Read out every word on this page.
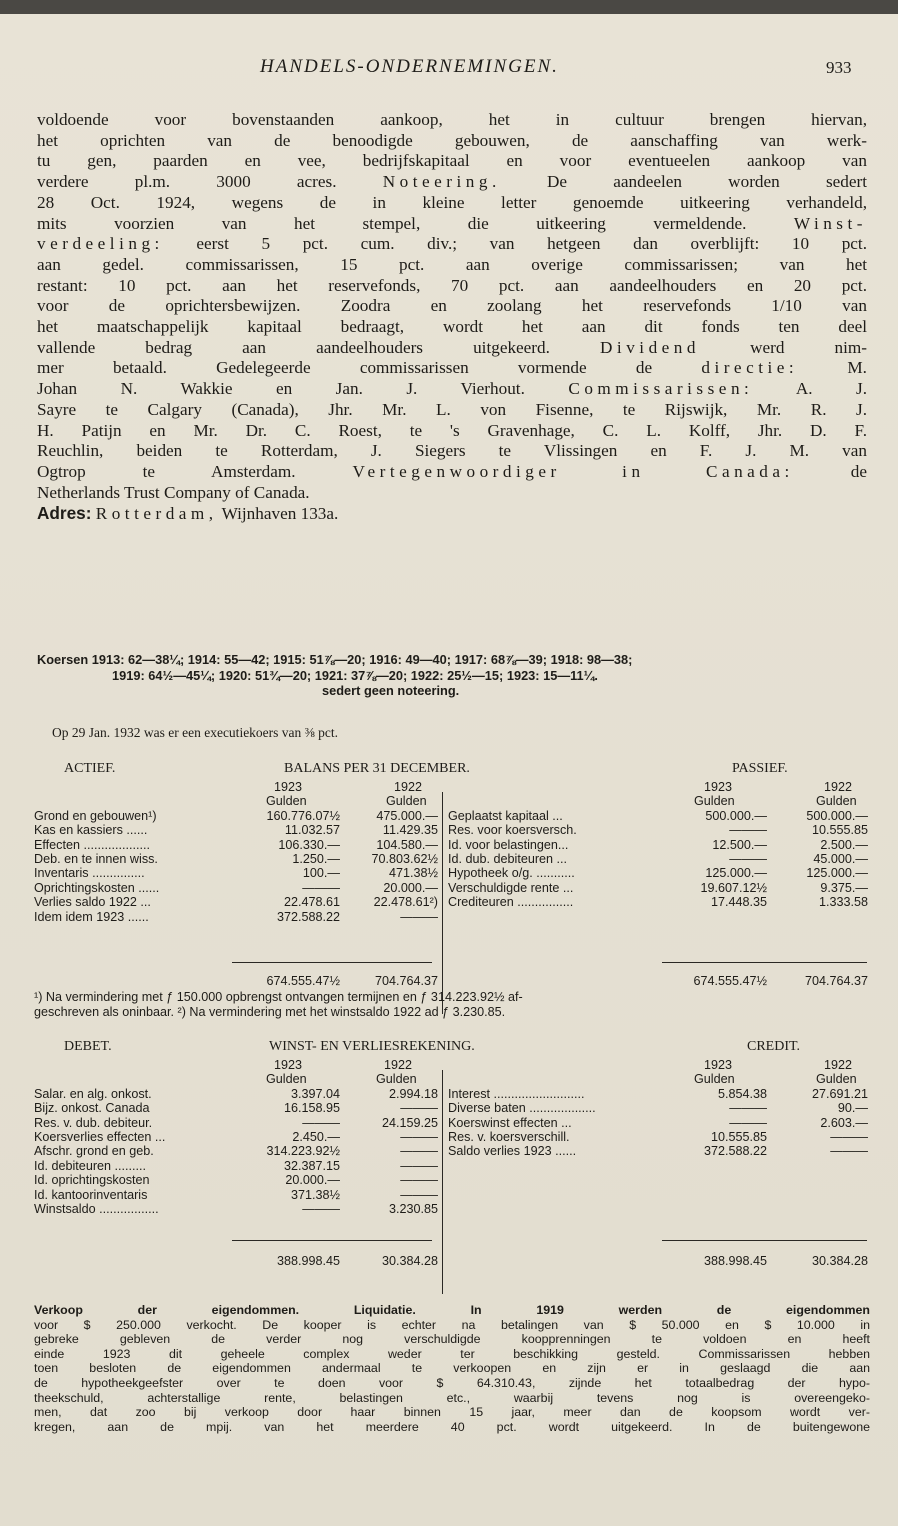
HANDELS-ONDERNEMINGEN.	933
voldoende voor bovenstaanden aankoop, het in cultuur brengen hiervan,
het oprichten van de benoodigde gebouwen, de aanschaffing van werk-
tu gen, paarden en vee, bedrijfskapitaal en voor eventueelen aankoop van
verdere pl.m. 3000 acres. Noteering. De aandeelen worden sedert
28 Oct. 1924, wegens de in kleine letter genoemde uitkeering verhandeld,
mits voorzien van het stempel, die uitkeering vermeldende. Winst-
verdeeling: eerst 5 pct. cum. div.; van hetgeen dan overblijft: 10 pct.
aan gedel. commissarissen, 15 pct. aan overige commissarissen; van het
restant: 10 pct. aan het reservefonds, 70 pct. aan aandeelhouders en 20 pct.
voor de oprichtersbewijzen. Zoodra en zoolang het reservefonds 1/10 van
het maatschappelijk kapitaal bedraagt, wordt het aan dit fonds ten deel
vallende bedrag aan aandeelhouders uitgekeerd. Dividend werd nim-
mer betaald. Gedelegeerde commissarissen vormende de directie: M.
Johan N. Wakkie en Jan. J. Vierhout. Commissarissen: A. J.
Sayre te Calgary (Canada), Jhr. Mr. L. von Fisenne, te Rijswijk, Mr. R. J.
H. Patijn en Mr. Dr. C. Roest, te 's Gravenhage, C. L. Kolff, Jhr. D. F.
Reuchlin, beiden te Rotterdam, J. Siegers te Vlissingen en F. J. M. van
Ogtrop te Amsterdam. Vertegenwoordiger in Canada: de
Netherlands Trust Company of Canada.
Adres: Rotterdam, Wijnhaven 133a.
Koersen 1913: 62—38¼; 1914: 55—42; 1915: 51⅞—20; 1916: 49—40; 1917: 68⅞—39; 1918: 98—38;
1919: 64½—45¼; 1920: 51¾—20; 1921: 37⅞—20; 1922: 25½—15; 1923: 15—11¼.
sedert geen noteering.
Op 29 Jan. 1932 was er een executiekoers van ⅜ pct.
ACTIEF.	BALANS PER 31 DECEMBER.	PASSIEF.
1923	1922	1923	1922
Gulden	Gulden	Gulden	Gulden
Grond en gebouwen¹)	160.776.07½	475.000.— Geplaatst kapitaal ...	500.000.—	500.000.—
Kas en kassiers ......	11.032.57	11.429.35 Res. voor koersversch.	———	10.555.85
Effecten ...................	106.330.—	104.580.— Id. voor belastingen...	12.500.—	2.500.—
Deb. en te innen wiss.	1.250.— 70.803.62½ Id. dub. debiteuren ...	———	45.000.—
Inventaris ...............	100.—	471.38½ Hypotheek o/g. ...........	125.000.—	125.000.—
Oprichtingskosten ......	———	20.000.— Verschuldigde rente ...	19.607.12½	9.375.—
Verlies saldo 1922 ...	22.478.61	22.478.61²) Crediteuren ................	17.448.35	1.333.58
Idem idem 1923 ......	372.588.22	———
674.555.47½	704.764.37	674.555.47½	704.764.37
¹) Na vermindering met ƒ 150.000 opbrengst ontvangen termijnen en ƒ 314.223.92½ af-
geschreven als oninbaar. ²) Na vermindering met het winstsaldo 1922 ad ƒ 3.230.85.
DEBET.	WINST- EN VERLIESREKENING.	CREDIT.
1923	1922	1923	1922
Gulden	Gulden	Gulden	Gulden
Salar. en alg. onkost.	3.397.04	2.994.18 Interest ..........................	5.854.38	27.691.21
Bijz. onkost. Canada	16.158.95	——— Diverse baten ...................	———	90.—
Res. v. dub. debiteur.	———	24.159.25 Koerswinst effecten ...	———	2.603.—
Koersverlies effecten ...	2.450.—	——— Res. v. koersverschill.	10.555.85	———
Afschr. grond en geb.	314.223.92½	——— Saldo verlies 1923 ......	372.588.22	———
Id. debiteuren .........	32.387.15	———
Id. oprichtingskosten	20.000.—	———
Id. kantoorinventaris	371.38½	———
Winstsaldo .................	———	3.230.85
388.998.45	30.384.28	388.998.45	30.384.28
Verkoop der eigendommen. Liquidatie. In 1919 werden de eigendommen
voor $ 250.000 verkocht. De kooper is echter na betalingen van $ 50.000 en $ 10.000 in
gebreke gebleven de verder nog verschuldigde koopprenningen te voldoen en heeft
einde 1923 dit geheele complex weder ter beschikking gesteld. Commissarissen hebben
toen besloten de eigendommen andermaal te verkoopen en zijn er in geslaagd die aan
de hypotheekgeefster over te doen voor $ 64.310.43, zijnde het totaalbedrag der hypo-
theekschuld, achterstallige rente, belastingen etc., waarbij tevens nog is overeengeko-
men, dat zoo bij verkoop door haar binnen 15 jaar, meer dan de koopsom wordt ver-
kregen, aan de mpij. van het meerdere 40 pct. wordt uitgekeerd. In de buitengewone
